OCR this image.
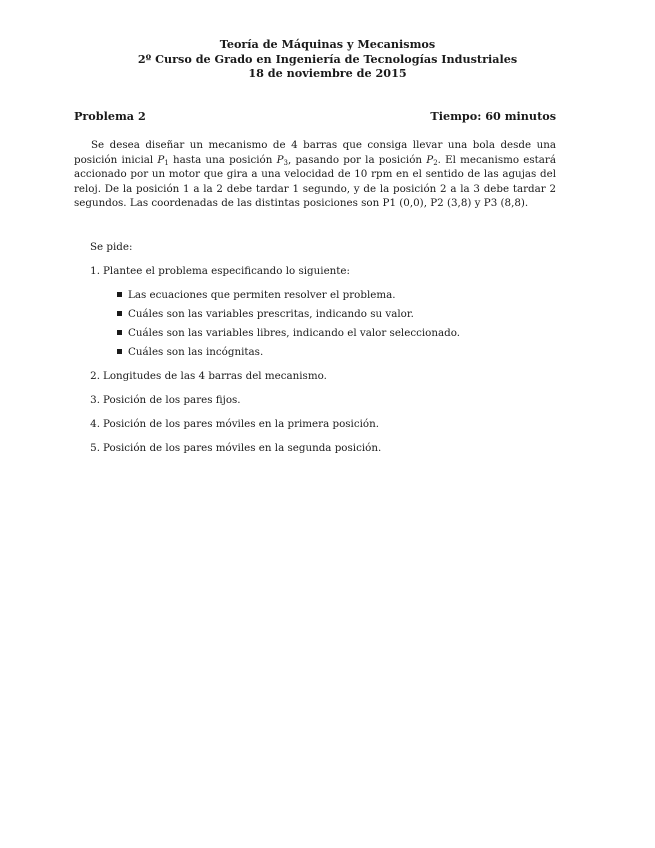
Teoría de Máquinas y Mecanismos
2º Curso de Grado en Ingeniería de Tecnologías Industriales
18 de noviembre de 2015
Problema 2	Tiempo: 60 minutos
Se desea diseñar un mecanismo de 4 barras que consiga llevar una bola desde una posición inicial $P_1$ hasta una posición $P_3$, pasando por la posición $P_2$. El mecanismo estará accionado por un motor que gira a una velocidad de 10 rpm en el sentido de las agujas del reloj. De la posición 1 a la 2 debe tardar 1 segundo, y de la posición 2 a la 3 debe tardar 2 segundos. Las coordenadas de las distintas posiciones son P1 (0,0), P2 (3,8) y P3 (8,8).
Se pide:
1. Plantee el problema especificando lo siguiente:
Las ecuaciones que permiten resolver el problema.
Cuáles son las variables prescritas, indicando su valor.
Cuáles son las variables libres, indicando el valor seleccionado.
Cuáles son las incógnitas.
2. Longitudes de las 4 barras del mecanismo.
3. Posición de los pares fijos.
4. Posición de los pares móviles en la primera posición.
5. Posición de los pares móviles en la segunda posición.
